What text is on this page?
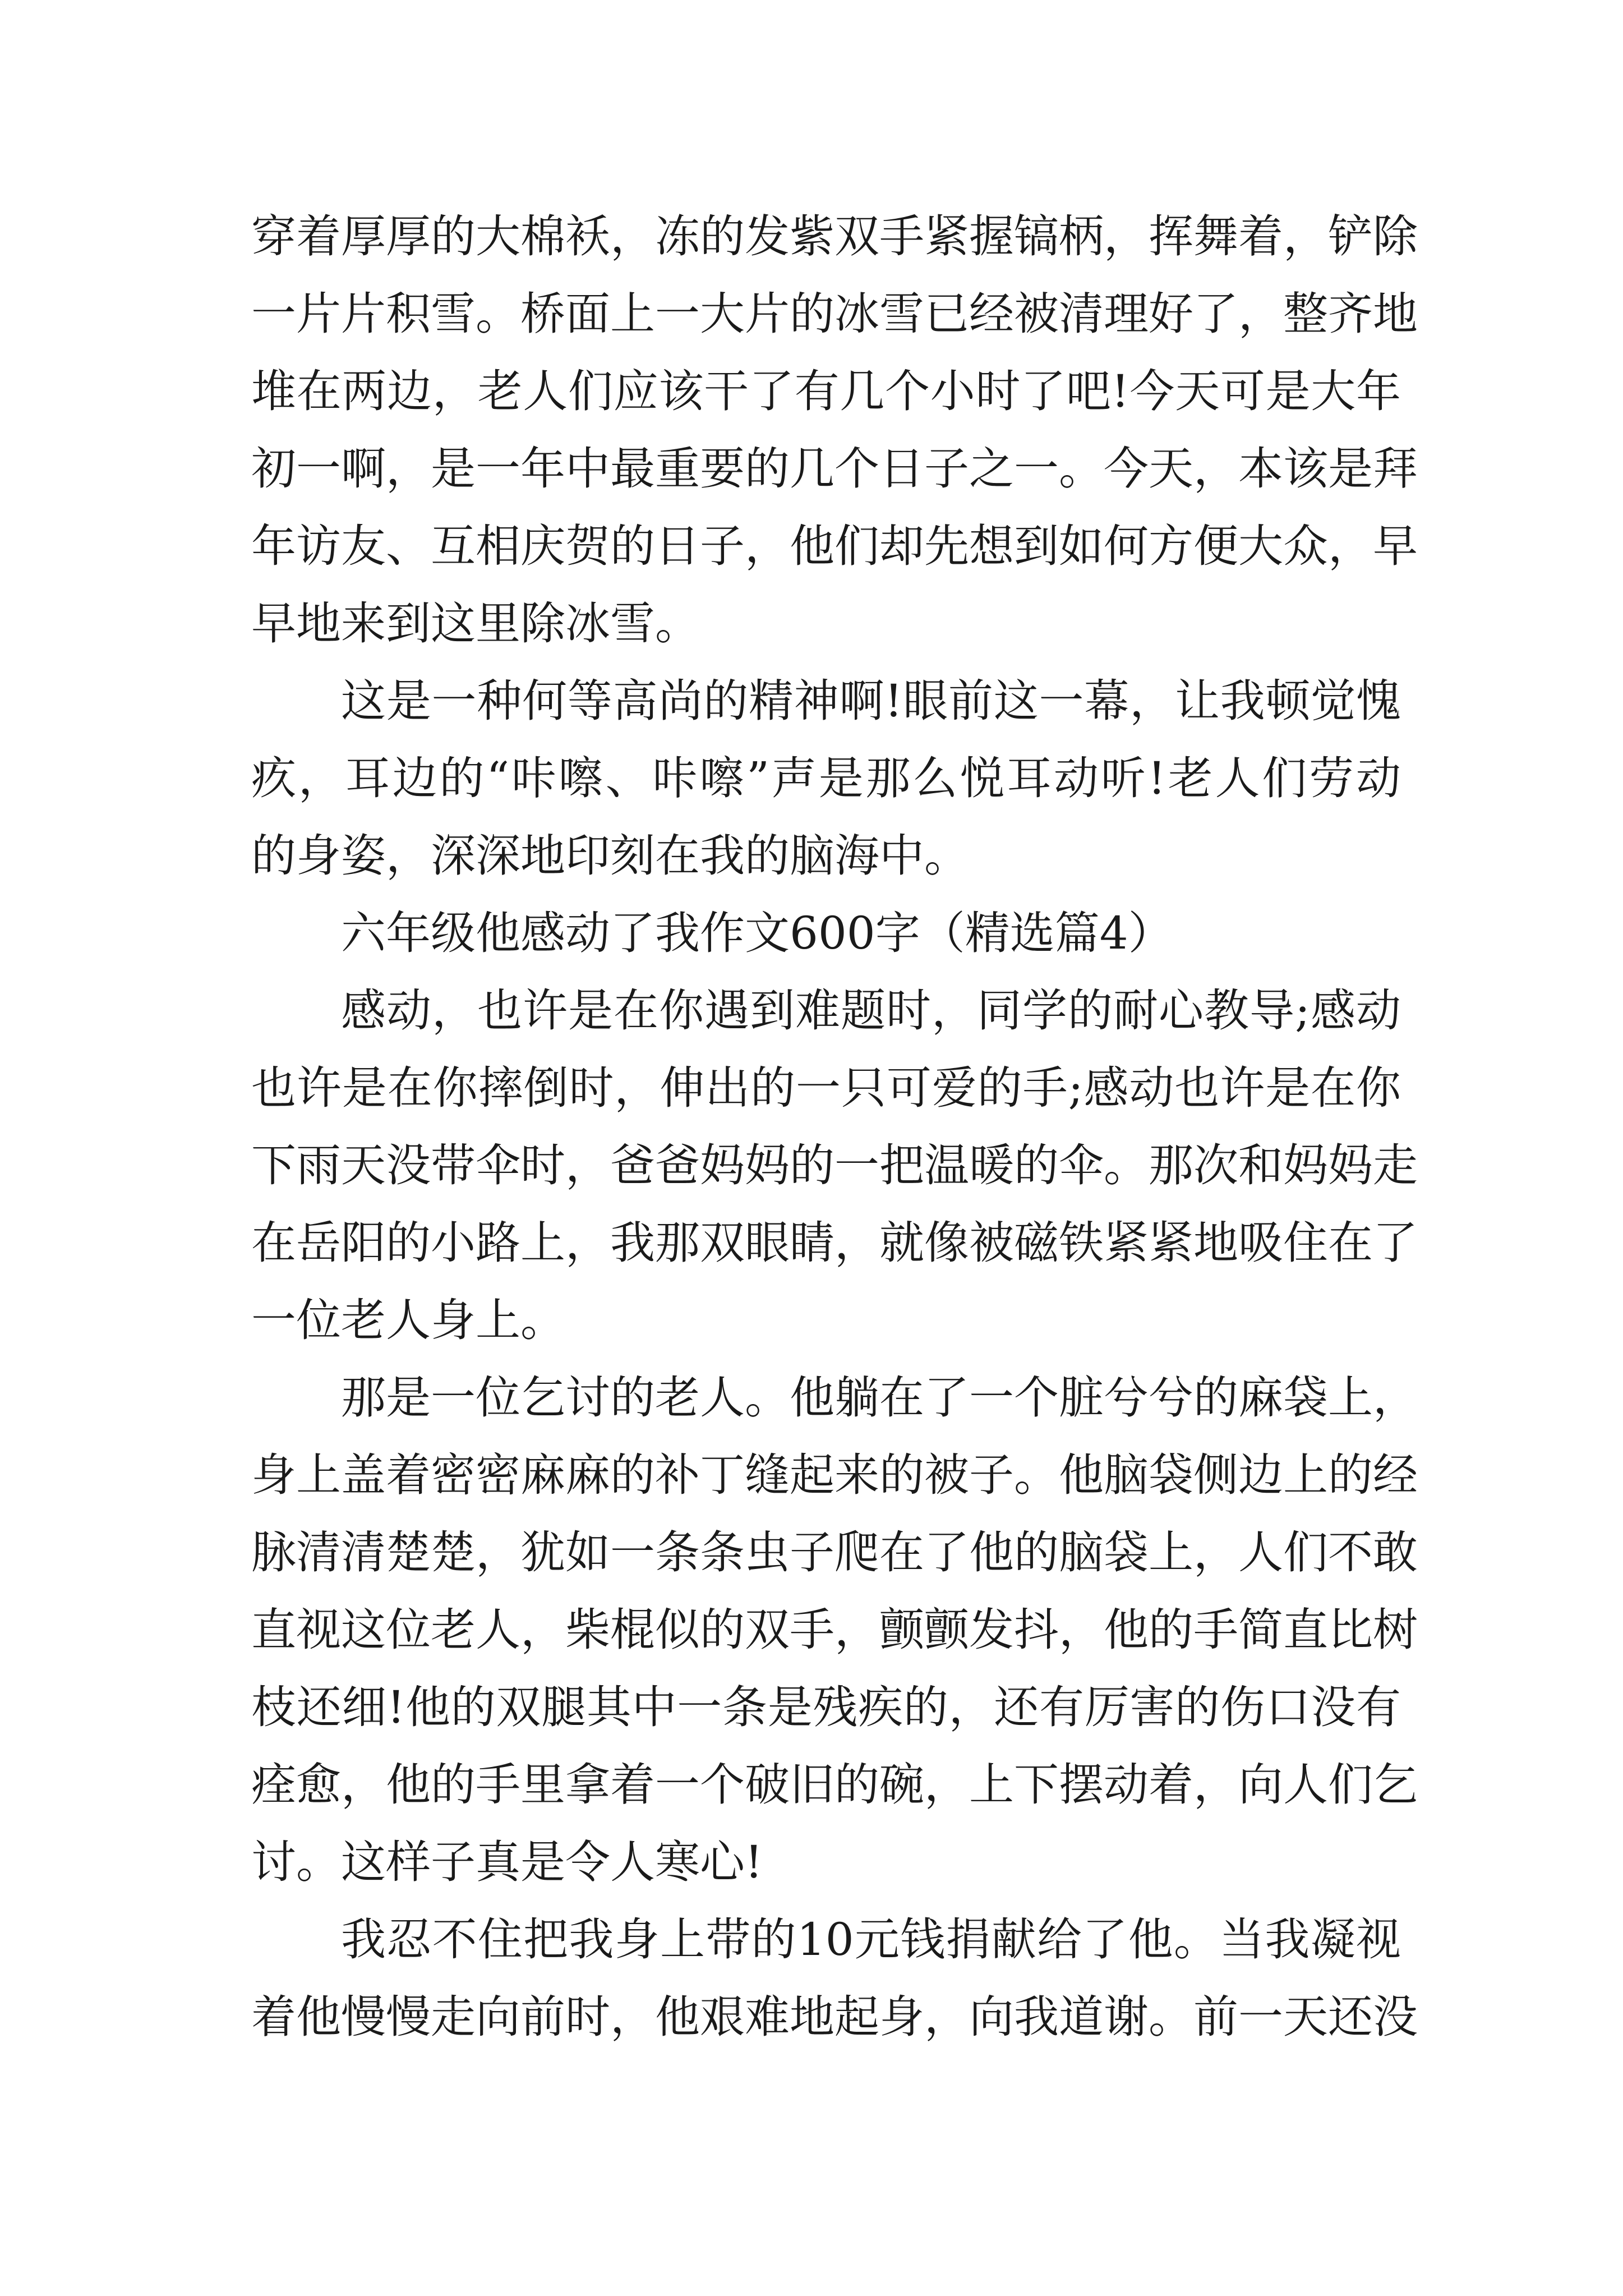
穿着厚厚的大棉袄，冻的发紫双手紧握镐柄，挥舞着，铲除
一片片积雪。桥面上一大片的冰雪已经被清理好了，整齐地
堆在两边，老人们应该干了有几个小时了吧!今天可是大年
初一啊，是一年中最重要的几个日子之一。今天，本该是拜
年访友、互相庆贺的日子，他们却先想到如何方便大众，早
早地来到这里除冰雪。
这是一种何等高尚的精神啊!眼前这一幕，让我顿觉愧
疚，耳边的“咔嚓、咔嚓”声是那么悦耳动听!老人们劳动
的身姿，深深地印刻在我的脑海中。
六年级他感动了我作文600字（精选篇4）
感动，也许是在你遇到难题时，同学的耐心教导;感动
也许是在你摔倒时，伸出的一只可爱的手;感动也许是在你
下雨天没带伞时，爸爸妈妈的一把温暖的伞。那次和妈妈走
在岳阳的小路上，我那双眼睛，就像被磁铁紧紧地吸住在了
一位老人身上。
那是一位乞讨的老人。他躺在了一个脏兮兮的麻袋上，
身上盖着密密麻麻的补丁缝起来的被子。他脑袋侧边上的经
脉清清楚楚，犹如一条条虫子爬在了他的脑袋上，人们不敢
直视这位老人，柴棍似的双手，颤颤发抖，他的手简直比树
枝还细!他的双腿其中一条是残疾的，还有厉害的伤口没有
痊愈，他的手里拿着一个破旧的碗，上下摆动着，向人们乞
讨。这样子真是令人寒心!
我忍不住把我身上带的10元钱捐献给了他。当我凝视
着他慢慢走向前时，他艰难地起身，向我道谢。前一天还没
